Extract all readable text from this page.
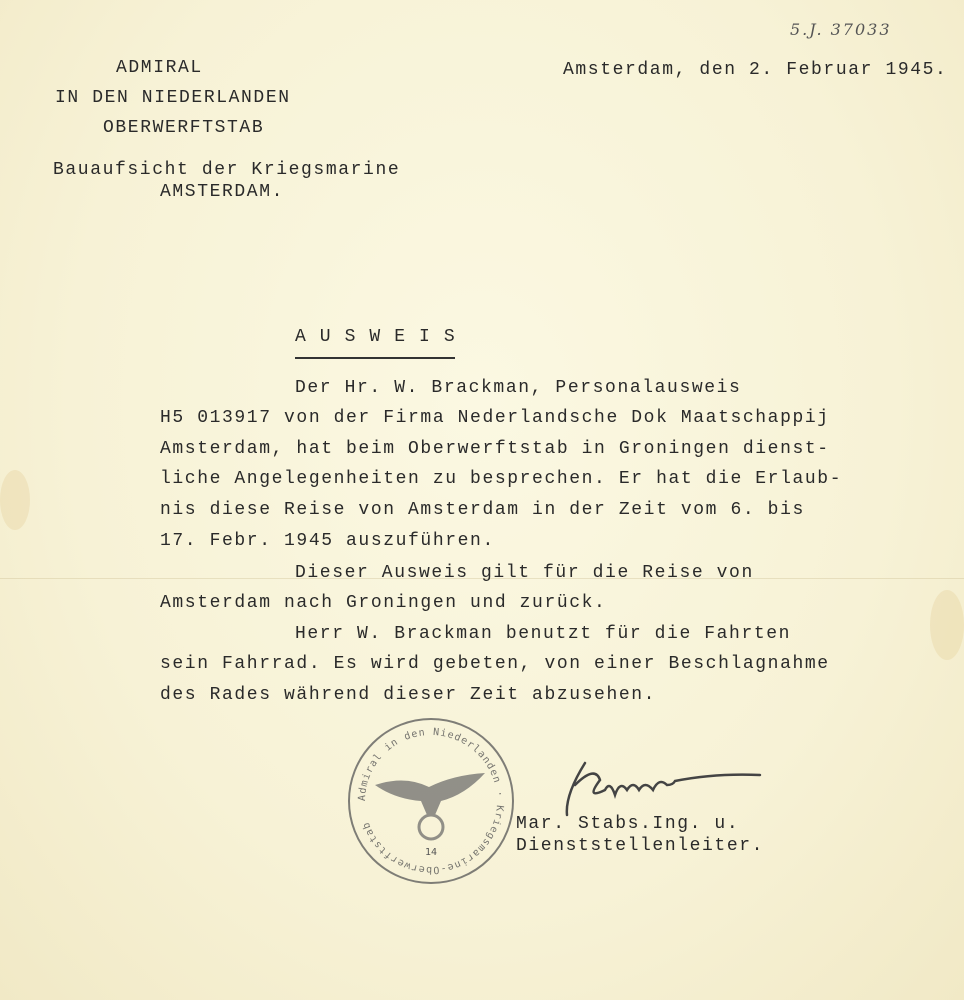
5.J. 37033
ADMIRAL
IN DEN NIEDERLANDEN
OBERWERFTSTAB
Bauaufsicht der Kriegsmarine
AMSTERDAM.
Amsterdam, den 2. Februar 1945.
A U S W E I S
Der Hr. W. Brackman, Personalausweis
H5 013917 von der Firma Nederlandsche Dok Maatschappij
Amsterdam, hat beim Oberwerftstab in Groningen dienst-
liche Angelegenheiten zu besprechen. Er hat die Erlaub-
nis diese Reise von Amsterdam in der Zeit vom 6. bis
17. Febr. 1945 auszuführen.
Dieser Ausweis gilt für die Reise von
Amsterdam nach Groningen und zurück.
Herr W. Brackman benutzt für die Fahrten
sein Fahrrad. Es wird gebeten, von einer Beschlagnahme
des Rades während dieser Zeit abzusehen.
Admiral in den Niederlanden · Kriegsmarine-Oberwerftstab
14
Mar. Stabs.Ing. u.
Dienststellenleiter.
